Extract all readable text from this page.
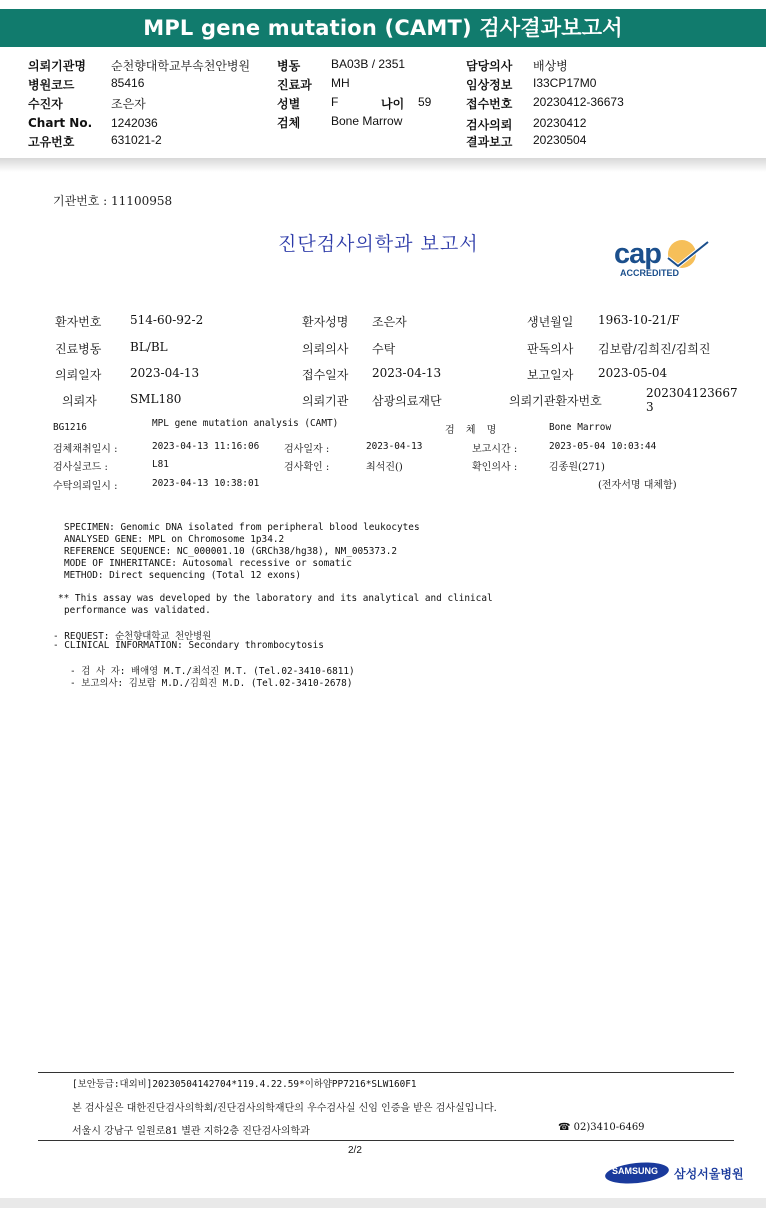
MPL gene mutation (CAMT) 검사결과보고서
의뢰기관명 순천향대학교부속천안병원 병동	BA03B / 2351	담당의사 배상병
병원코드	85416	진료과 MH	임상정보 I33CP17M0
수진자	조은자	성별	F	나이 59	접수번호 20230412-36673
Chart No. 1242036	검체	Bone Marrow	검사의뢰 20230412
고유번호	631021-2	결과보고 20230504
기관번호 : 11100958
진단검사의학과 보고서	cap
ACCREDITED
환자번호 514-60-92-2	환자성명 조은자	생년월일 1963-10-21/F
진료병동 BL/BL	의뢰의사 수탁	판독의사 김보람/김희진/김희진
의뢰일자 2023-04-13	접수일자 2023-04-13	보고일자 2023-05-04
의뢰자	SML180	의뢰기관 삼광의료재단	의뢰기관환자번호
202304123667
3
BG1216	MPL gene mutation analysis (CAMT)
검 체 명	Bone Marrow
검체채취일시 :	2023-04-13 11:16:06 검사일자 :	2023-04-13	보고시간 :	2023-05-04 10:03:44
검사실코드 :	L81	검사확인 :	최석진()	확인의사 :	김종원(271)
수탁의뢰일시 :	2023-04-13 10:38:01	(전자서명 대체함)
SPECIMEN: Genomic DNA isolated from peripheral blood leukocytes
ANALYSED GENE: MPL on Chromosome 1p34.2
REFERENCE SEQUENCE: NC_000001.10 (GRCh38/hg38), NM_005373.2
MODE OF INHERITANCE: Autosomal recessive or somatic
METHOD: Direct sequencing (Total 12 exons)
** This assay was developed by the laboratory and its analytical and clinical
performance was validated.
- REQUEST: 순천향대학교 천안병원
- CLINICAL INFORMATION: Secondary thrombocytosis
- 검 사 자: 배애영 M.T./최석진 M.T. (Tel.02-3410-6811)
- 보고의사: 김보람 M.D./김희진 M.D. (Tel.02-3410-2678)
[보안등급:대외비]20230504142704*119.4.22.59*이하얌PP7216*SLW160F1
본 검사실은 대한진단검사의학회/진단검사의학재단의 우수검사실 신임 인증을 받은 검사실입니다.
서울시 강남구 일원로81 별관 지하2층 진단검사의학과	☎ 02)3410-6469
2/2
SAMSUNG 삼성서울병원
